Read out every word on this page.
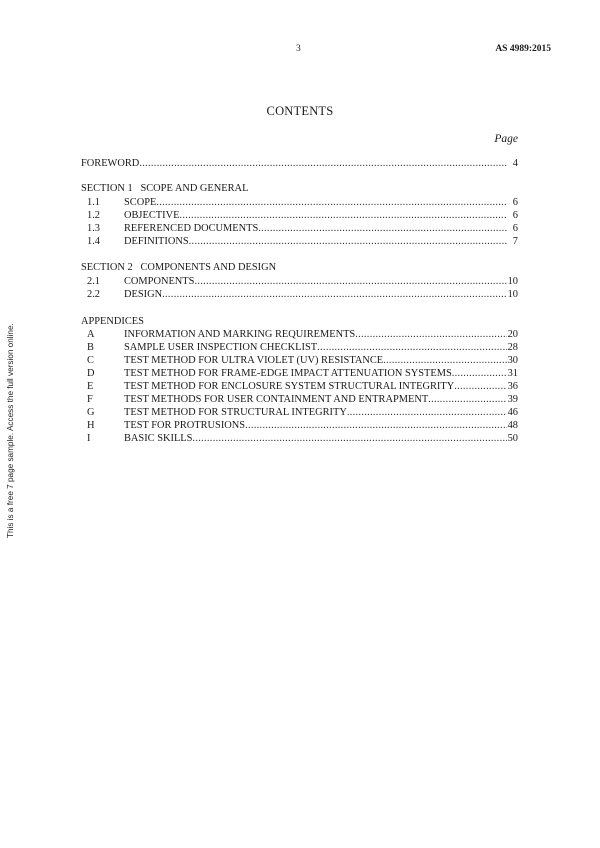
3	AS 4989:2015
This is a free 7 page sample. Access the full version online.
CONTENTS
Page
FOREWORD .....	4
SECTION 1   SCOPE AND GENERAL
1.1	SCOPE .....	6
1.2	OBJECTIVE .....	6
1.3	REFERENCED DOCUMENTS .....	6
1.4	DEFINITIONS .....	7
SECTION 2   COMPONENTS AND DESIGN
2.1	COMPONENTS .....	10
2.2	DESIGN .....	10
APPENDICES
A	INFORMATION AND MARKING REQUIREMENTS .....	20
B	SAMPLE USER INSPECTION CHECKLIST .....	28
C	TEST METHOD FOR ULTRA VIOLET (UV) RESISTANCE .....	30
D	TEST METHOD FOR FRAME-EDGE IMPACT ATTENUATION SYSTEMS .....	31
E	TEST METHOD FOR ENCLOSURE SYSTEM STRUCTURAL INTEGRITY .....	36
F	TEST METHODS FOR USER CONTAINMENT AND ENTRAPMENT .....	39
G	TEST METHOD FOR STRUCTURAL INTEGRITY .....	46
H	TEST FOR PROTRUSIONS .....	48
I	BASIC SKILLS .....	50
